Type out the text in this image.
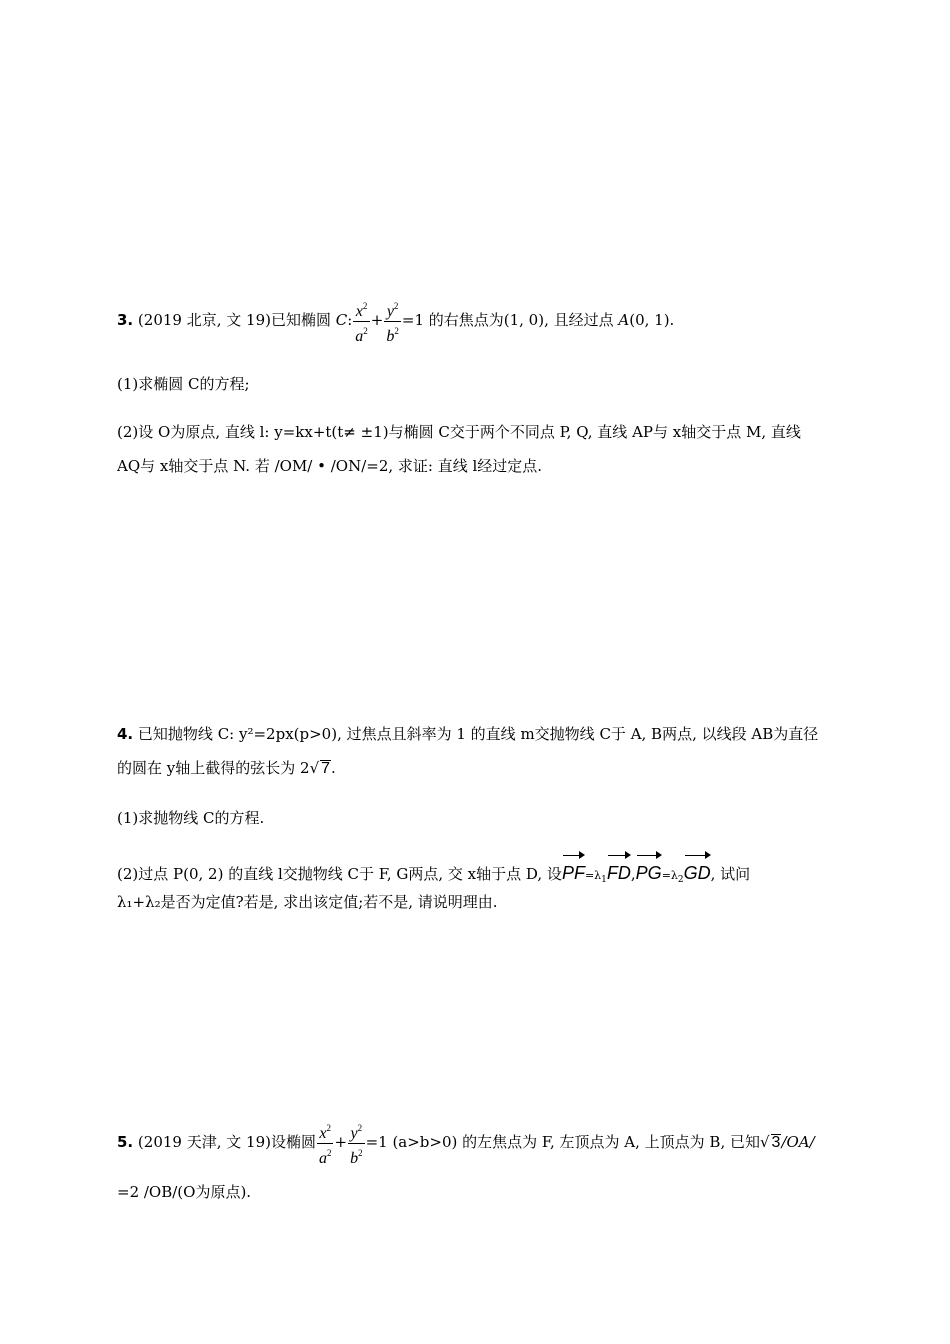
3. (2019 北京, 文 19)已知椭圆 C: $\frac{x^2}{a^2} + \frac{y^2}{b^2} =1$ 的右焦点为(1, 0), 且经过点 A(0, 1).
(1)求椭圆 C的方程;
(2)设 O为原点, 直线 l: y=kx+t(t≠ ±1)与椭圆 C交于两个不同点 P, Q, 直线 AP与 x轴交于点 M, 直线
AQ与 x轴交于点 N. 若 /OM/ • /ON/=2, 求证: 直线 l经过定点.
4. 已知抛物线 C: y²=2px(p>0), 过焦点且斜率为 1 的直线 m交抛物线 C于 A, B两点, 以线段 AB为直径
的圆在 y轴上截得的弦长为 2√ 7.
(1)求抛物线 C的方程.
(2)过点 P(0, 2) 的直线 l交抛物线 C于 F, G两点, 交 x轴于点 D, 设$PF=\lambda_1FD,PG=\lambda_2GD$, 试问
λ₁+λ₂是否为定值?若是, 求出该定值;若不是, 请说明理由.
5. (2019 天津, 文 19)设椭圆 $\frac{x^2}{a^2} + \frac{y^2}{b^2} =1$ (a>b>0) 的左焦点为 F, 左顶点为 A, 上顶点为 B, 已知√ 3/OA/
=2 /OB/(O为原点).
